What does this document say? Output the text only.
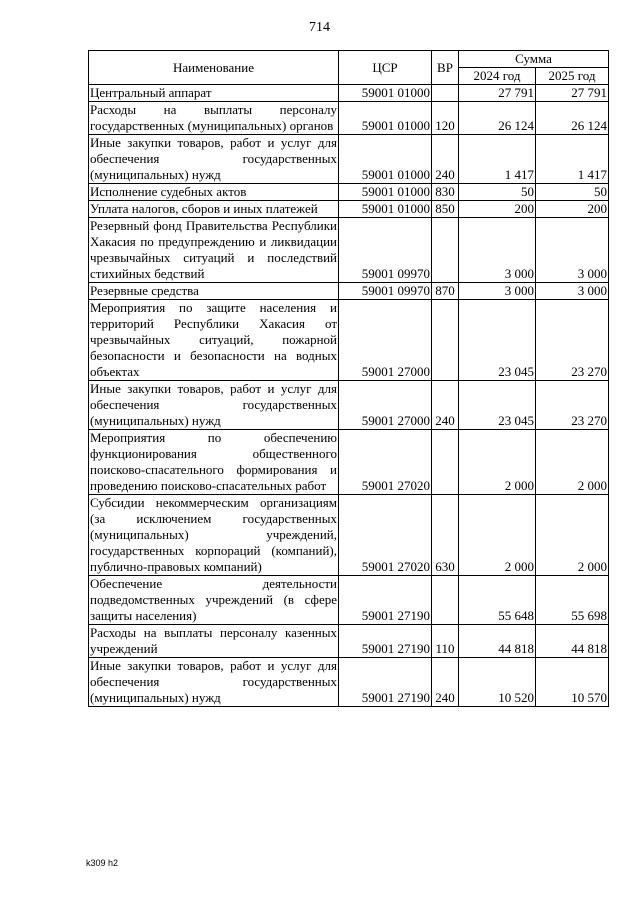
714
Наименование	ЦСР	ВР	Сумма	
			2024 год	2025 год
Центральный аппарат	59001 01000		27 791	27 791
Расходы на выплаты персоналу государственных (муниципальных) органов	59001 01000	120	26 124	26 124
Иные закупки товаров, работ и услуг для обеспечения государственных (муниципальных) нужд	59001 01000	240	1 417	1 417
Исполнение судебных актов	59001 01000	830	50	50
Уплата налогов, сборов и иных платежей	59001 01000	850	200	200
Резервный фонд Правительства Республики Хакасия по предупреждению и ликвидации чрезвычайных ситуаций и последствий стихийных бедствий	59001 09970		3 000	3 000
Резервные средства	59001 09970	870	3 000	3 000
Мероприятия по защите населения и территорий Республики Хакасия от чрезвычайных ситуаций, пожарной безопасности и безопасности на водных объектах	59001 27000		23 045	23 270
Иные закупки товаров, работ и услуг для обеспечения государственных (муниципальных) нужд	59001 27000	240	23 045	23 270
Мероприятия по обеспечению функционирования общественного поисково-спасательного формирования и проведению поисково-спасательных работ	59001 27020		2 000	2 000
Субсидии некоммерческим организациям (за исключением государственных (муниципальных) учреждений, государственных корпораций (компаний), публично-правовых компаний)	59001 27020	630	2 000	2 000
Обеспечение деятельности подведомственных учреждений (в сфере защиты населения)	59001 27190		55 648	55 698
Расходы на выплаты персоналу казенных учреждений	59001 27190	110	44 818	44 818
Иные закупки товаров, работ и услуг для обеспечения государственных (муниципальных) нужд	59001 27190	240	10 520	10 570
k309 h2
